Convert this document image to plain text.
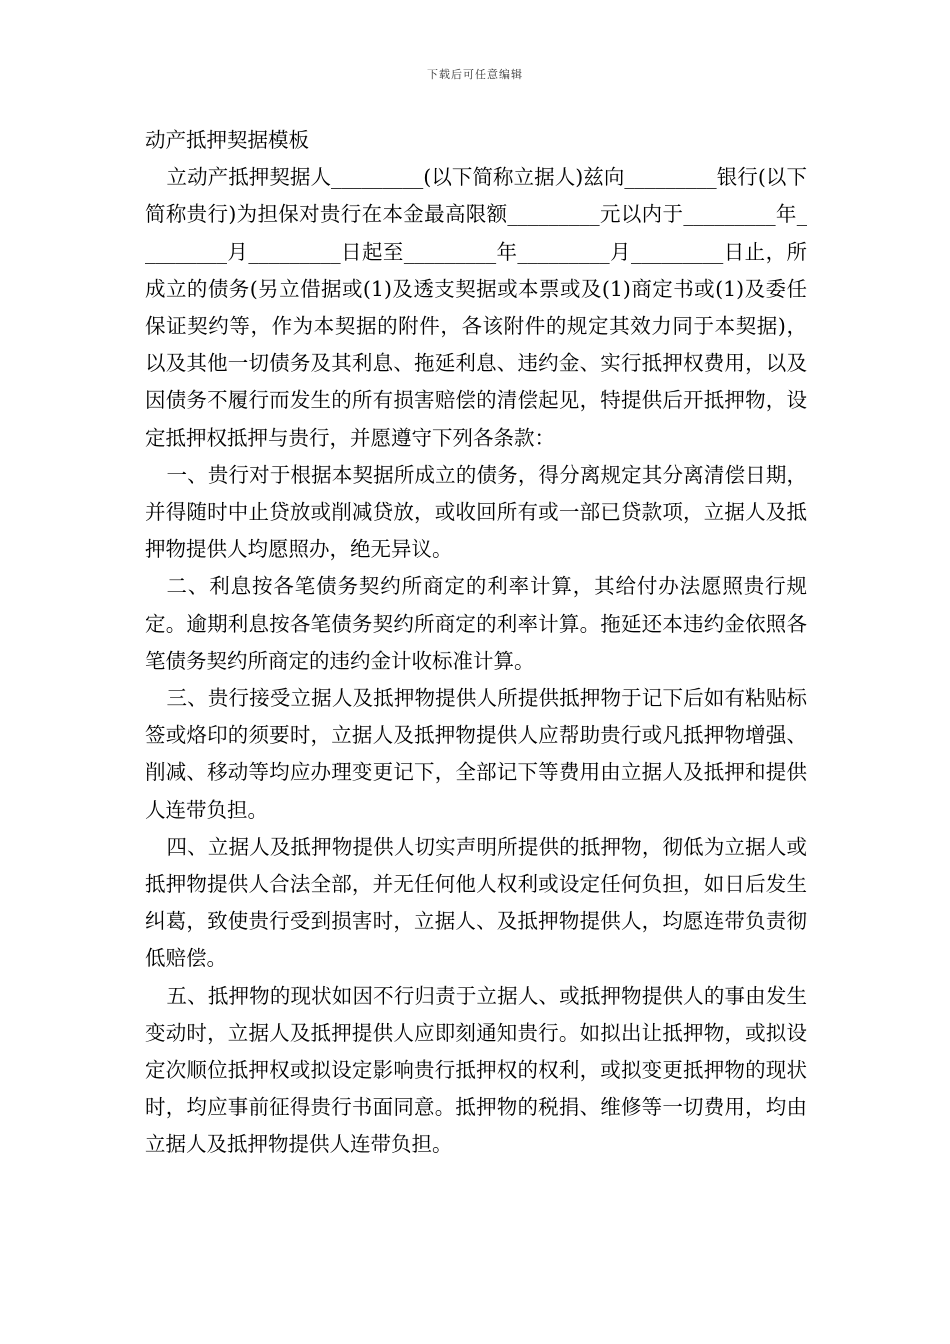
下载后可任意编辑
动产抵押契据模板

立动产抵押契据人_________(以下简称立据人)兹向_________银行(以下简称贵行)为担保对贵行在本金最高限额_________元以内于_________年_________月_________日起至_________年_________月_________日止，所成立的债务(另立借据或(1)及透支契据或本票或及(1)商定书或(1)及委任保证契约等，作为本契据的附件，各该附件的规定其效力同于本契据)，以及其他一切债务及其利息、拖延利息、违约金、实行抵押权费用，以及因债务不履行而发生的所有损害赔偿的清偿起见，特提供后开抵押物，设定抵押权抵押与贵行，并愿遵守下列各条款：

一、贵行对于根据本契据所成立的债务，得分离规定其分离清偿日期，并得随时中止贷放或削减贷放，或收回所有或一部已贷款项，立据人及抵押物提供人均愿照办，绝无异议。

二、利息按各笔债务契约所商定的利率计算，其给付办法愿照贵行规定。逾期利息按各笔债务契约所商定的利率计算。拖延还本违约金依照各笔债务契约所商定的违约金计收标准计算。

三、贵行接受立据人及抵押物提供人所提供抵押物于记下后如有粘贴标签或烙印的须要时，立据人及抵押物提供人应帮助贵行或凡抵押物增强、削减、移动等均应办理变更记下，全部记下等费用由立据人及抵押和提供人连带负担。

四、立据人及抵押物提供人切实声明所提供的抵押物，彻低为立据人或抵押物提供人合法全部，并无任何他人权利或设定任何负担，如日后发生纠葛，致使贵行受到损害时，立据人、及抵押物提供人，均愿连带负责彻低赔偿。

五、抵押物的现状如因不行归责于立据人、或抵押物提供人的事由发生变动时，立据人及抵押提供人应即刻通知贵行。如拟出让抵押物，或拟设定次顺位抵押权或拟设定影响贵行抵押权的权利，或拟变更抵押物的现状时，均应事前征得贵行书面同意。抵押物的税捐、维修等一切费用，均由立据人及抵押物提供人连带负担。
